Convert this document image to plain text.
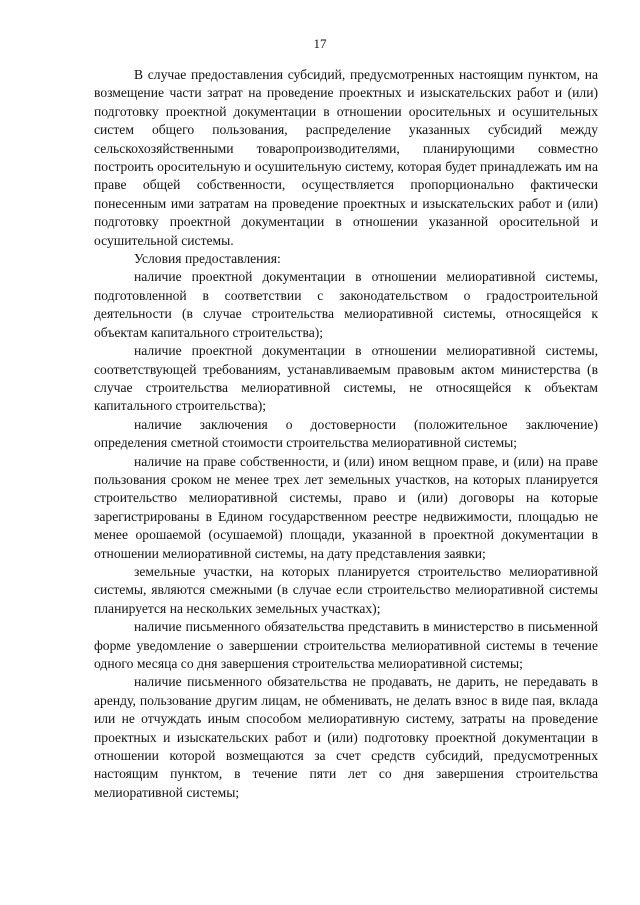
17

В случае предоставления субсидий, предусмотренных настоящим пунктом, на возмещение части затрат на проведение проектных и изыскательских работ и (или) подготовку проектной документации в отношении оросительных и осушительных систем общего пользования, распределение указанных субсидий между сельскохозяйственными товаропроизводителями, планирующими совместно построить оросительную и осушительную систему, которая будет принадлежать им на праве общей собственности, осуществляется пропорционально фактически понесенным ими затратам на проведение проектных и изыскательских работ и (или) подготовку проектной документации в отношении указанной оросительной и осушительной системы.

Условия предоставления:

наличие проектной документации в отношении мелиоративной системы, подготовленной в соответствии с законодательством о градостроительной деятельности (в случае строительства мелиоративной системы, относящейся к объектам капитального строительства);

наличие проектной документации в отношении мелиоративной системы, соответствующей требованиям, устанавливаемым правовым актом министерства (в случае строительства мелиоративной системы, не относящейся к объектам капитального строительства);

наличие заключения о достоверности (положительное заключение) определения сметной стоимости строительства мелиоративной системы;

наличие на праве собственности, и (или) ином вещном праве, и (или) на праве пользования сроком не менее трех лет земельных участков, на которых планируется строительство мелиоративной системы, право и (или) договоры на которые зарегистрированы в Едином государственном реестре недвижимости, площадью не менее орошаемой (осушаемой) площади, указанной в проектной документации в отношении мелиоративной системы, на дату представления заявки;

земельные участки, на которых планируется строительство мелиоративной системы, являются смежными (в случае если строительство мелиоративной системы планируется на нескольких земельных участках);

наличие письменного обязательства представить в министерство в письменной форме уведомление о завершении строительства мелиоративной системы в течение одного месяца со дня завершения строительства мелиоративной системы;

наличие письменного обязательства не продавать, не дарить, не передавать в аренду, пользование другим лицам, не обменивать, не делать взнос в виде пая, вклада или не отчуждать иным способом мелиоративную систему, затраты на проведение проектных и изыскательских работ и (или) подготовку проектной документации в отношении которой возмещаются за счет средств субсидий, предусмотренных настоящим пунктом, в течение пяти лет со дня завершения строительства мелиоративной системы;
